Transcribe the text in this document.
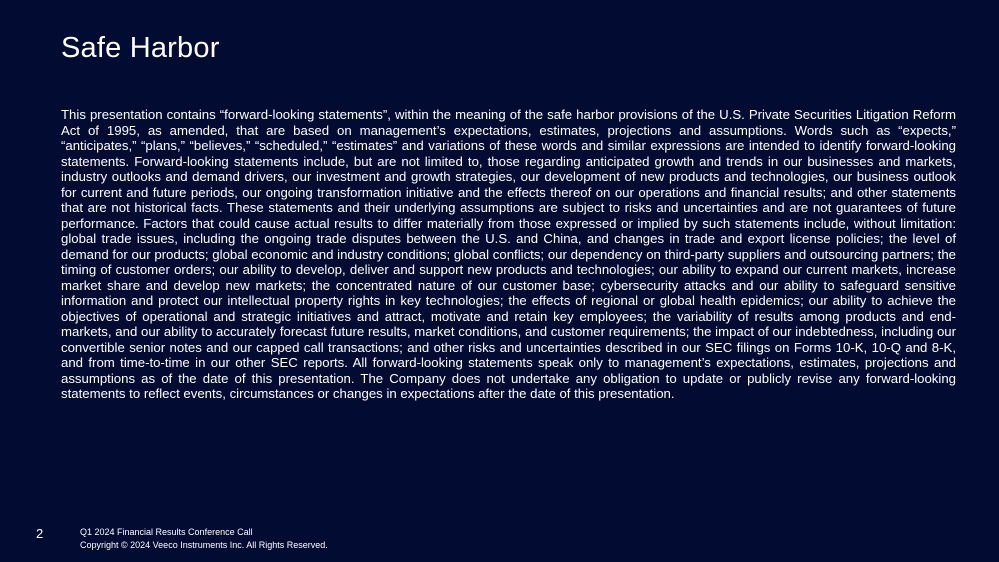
Safe Harbor
This presentation contains “forward-looking statements”, within the meaning of the safe harbor provisions of the U.S. Private Securities Litigation Reform Act of 1995, as amended, that are based on management’s expectations, estimates, projections and assumptions. Words such as “expects,” “anticipates,” “plans,” “believes,” “scheduled,” “estimates” and variations of these words and similar expressions are intended to identify forward-looking statements. Forward-looking statements include, but are not limited to, those regarding anticipated growth and trends in our businesses and markets, industry outlooks and demand drivers, our investment and growth strategies, our development of new products and technologies, our business outlook for current and future periods, our ongoing transformation initiative and the effects thereof on our operations and financial results; and other statements that are not historical facts. These statements and their underlying assumptions are subject to risks and uncertainties and are not guarantees of future performance. Factors that could cause actual results to differ materially from those expressed or implied by such statements include, without limitation: global trade issues, including the ongoing trade disputes between the U.S. and China, and changes in trade and export license policies; the level of demand for our products; global economic and industry conditions; global conflicts; our dependency on third-party suppliers and outsourcing partners; the timing of customer orders; our ability to develop, deliver and support new products and technologies; our ability to expand our current markets, increase market share and develop new markets; the concentrated nature of our customer base; cybersecurity attacks and our ability to safeguard sensitive information and protect our intellectual property rights in key technologies; the effects of regional or global health epidemics; our ability to achieve the objectives of operational and strategic initiatives and attract, motivate and retain key employees; the variability of results among products and end-markets, and our ability to accurately forecast future results, market conditions, and customer requirements; the impact of our indebtedness, including our convertible senior notes and our capped call transactions; and other risks and uncertainties described in our SEC filings on Forms 10-K, 10-Q and 8-K, and from time-to-time in our other SEC reports. All forward-looking statements speak only to management’s expectations, estimates, projections and assumptions as of the date of this presentation. The Company does not undertake any obligation to update or publicly revise any forward-looking statements to reflect events, circumstances or changes in expectations after the date of this presentation.
2	Q1 2024 Financial Results Conference Call
Copyright © 2024 Veeco Instruments Inc. All Rights Reserved.
